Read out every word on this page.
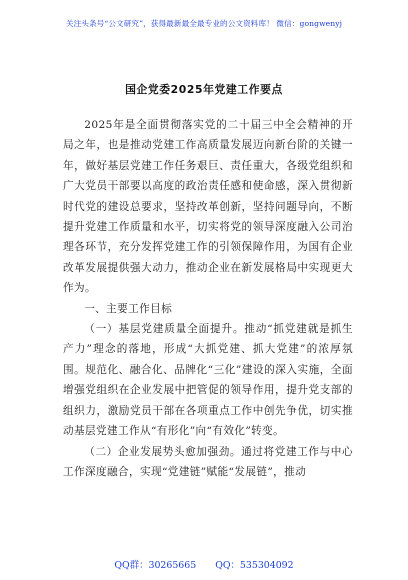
关注头条号“公文研究”，获得最新最全最专业的公文资料库！ 微信：gongwenyj
国企党委2025年党建工作要点

2025年是全面贯彻落实党的二十届三中全会精神的开局之年，也是推动党建工作高质量发展迈向新台阶的关键一年，做好基层党建工作任务艰巨、责任重大，各级党组织和广大党员干部要以高度的政治责任感和使命感，深入贯彻新时代党的建设总要求，坚持改革创新，坚持问题导向，不断提升党建工作质量和水平，切实将党的领导深度融入公司治理各环节，充分发挥党建工作的引领保障作用，为国有企业改革发展提供强大动力，推动企业在新发展格局中实现更大作为。

一、主要工作目标

（一）基层党建质量全面提升。推动“抓党建就是抓生产力”理念的落地，形成“大抓党建、抓大党建”的浓厚氛围。规范化、融合化、品牌化“三化”建设的深入实施，全面增强党组织在企业发展中把管促的领导作用，提升党支部的组织力，激励党员干部在各项重点工作中创先争优，切实推动基层党建工作从“有形化”向“有效化”转变。

（二）企业发展势头愈加强劲。通过将党建工作与中心工作深度融合，实现“党建链”赋能“发展链”，推动

QQ群：30265665 QQ：535304092
